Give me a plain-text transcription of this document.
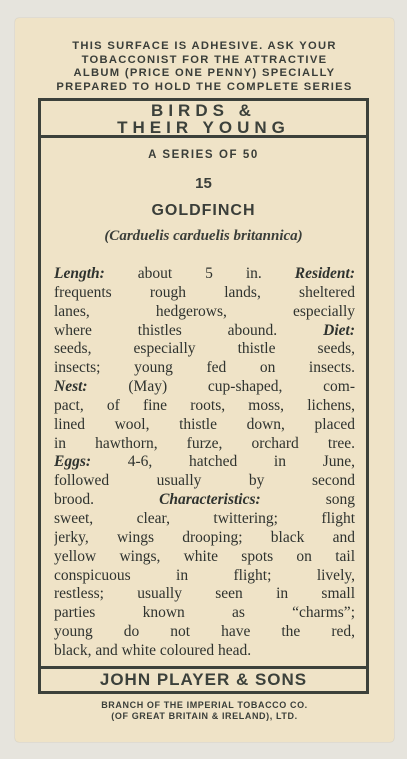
THIS SURFACE IS ADHESIVE. ASK YOUR
TOBACCONIST FOR THE ATTRACTIVE
ALBUM (PRICE ONE PENNY) SPECIALLY
PREPARED TO HOLD THE COMPLETE SERIES
BIRDS &
THEIR YOUNG
A SERIES OF 50
15
GOLDFINCH
(Carduelis carduelis britannica)
Length: about 5 in. Resident:
frequents rough lands, sheltered
lanes, hedgerows, especially
where thistles abound.	Diet:
seeds, especially thistle seeds,
insects; young fed on insects.
Nest:	(May) cup-shaped, com-
pact, of fine roots, moss, lichens,
lined wool, thistle down, placed
in hawthorn, furze, orchard tree.
Eggs: 4-6, hatched in June,
followed usually by second
brood.	Characteristics:	song
sweet, clear, twittering; flight
jerky, wings drooping; black and
yellow wings, white spots on tail
conspicuous in flight; lively,
restless; usually seen in small
parties known as “charms”;
young do not have the red,
black, and white coloured head.
JOHN PLAYER & SONS
BRANCH OF THE IMPERIAL TOBACCO CO.
(OF GREAT BRITAIN & IRELAND), LTD.
